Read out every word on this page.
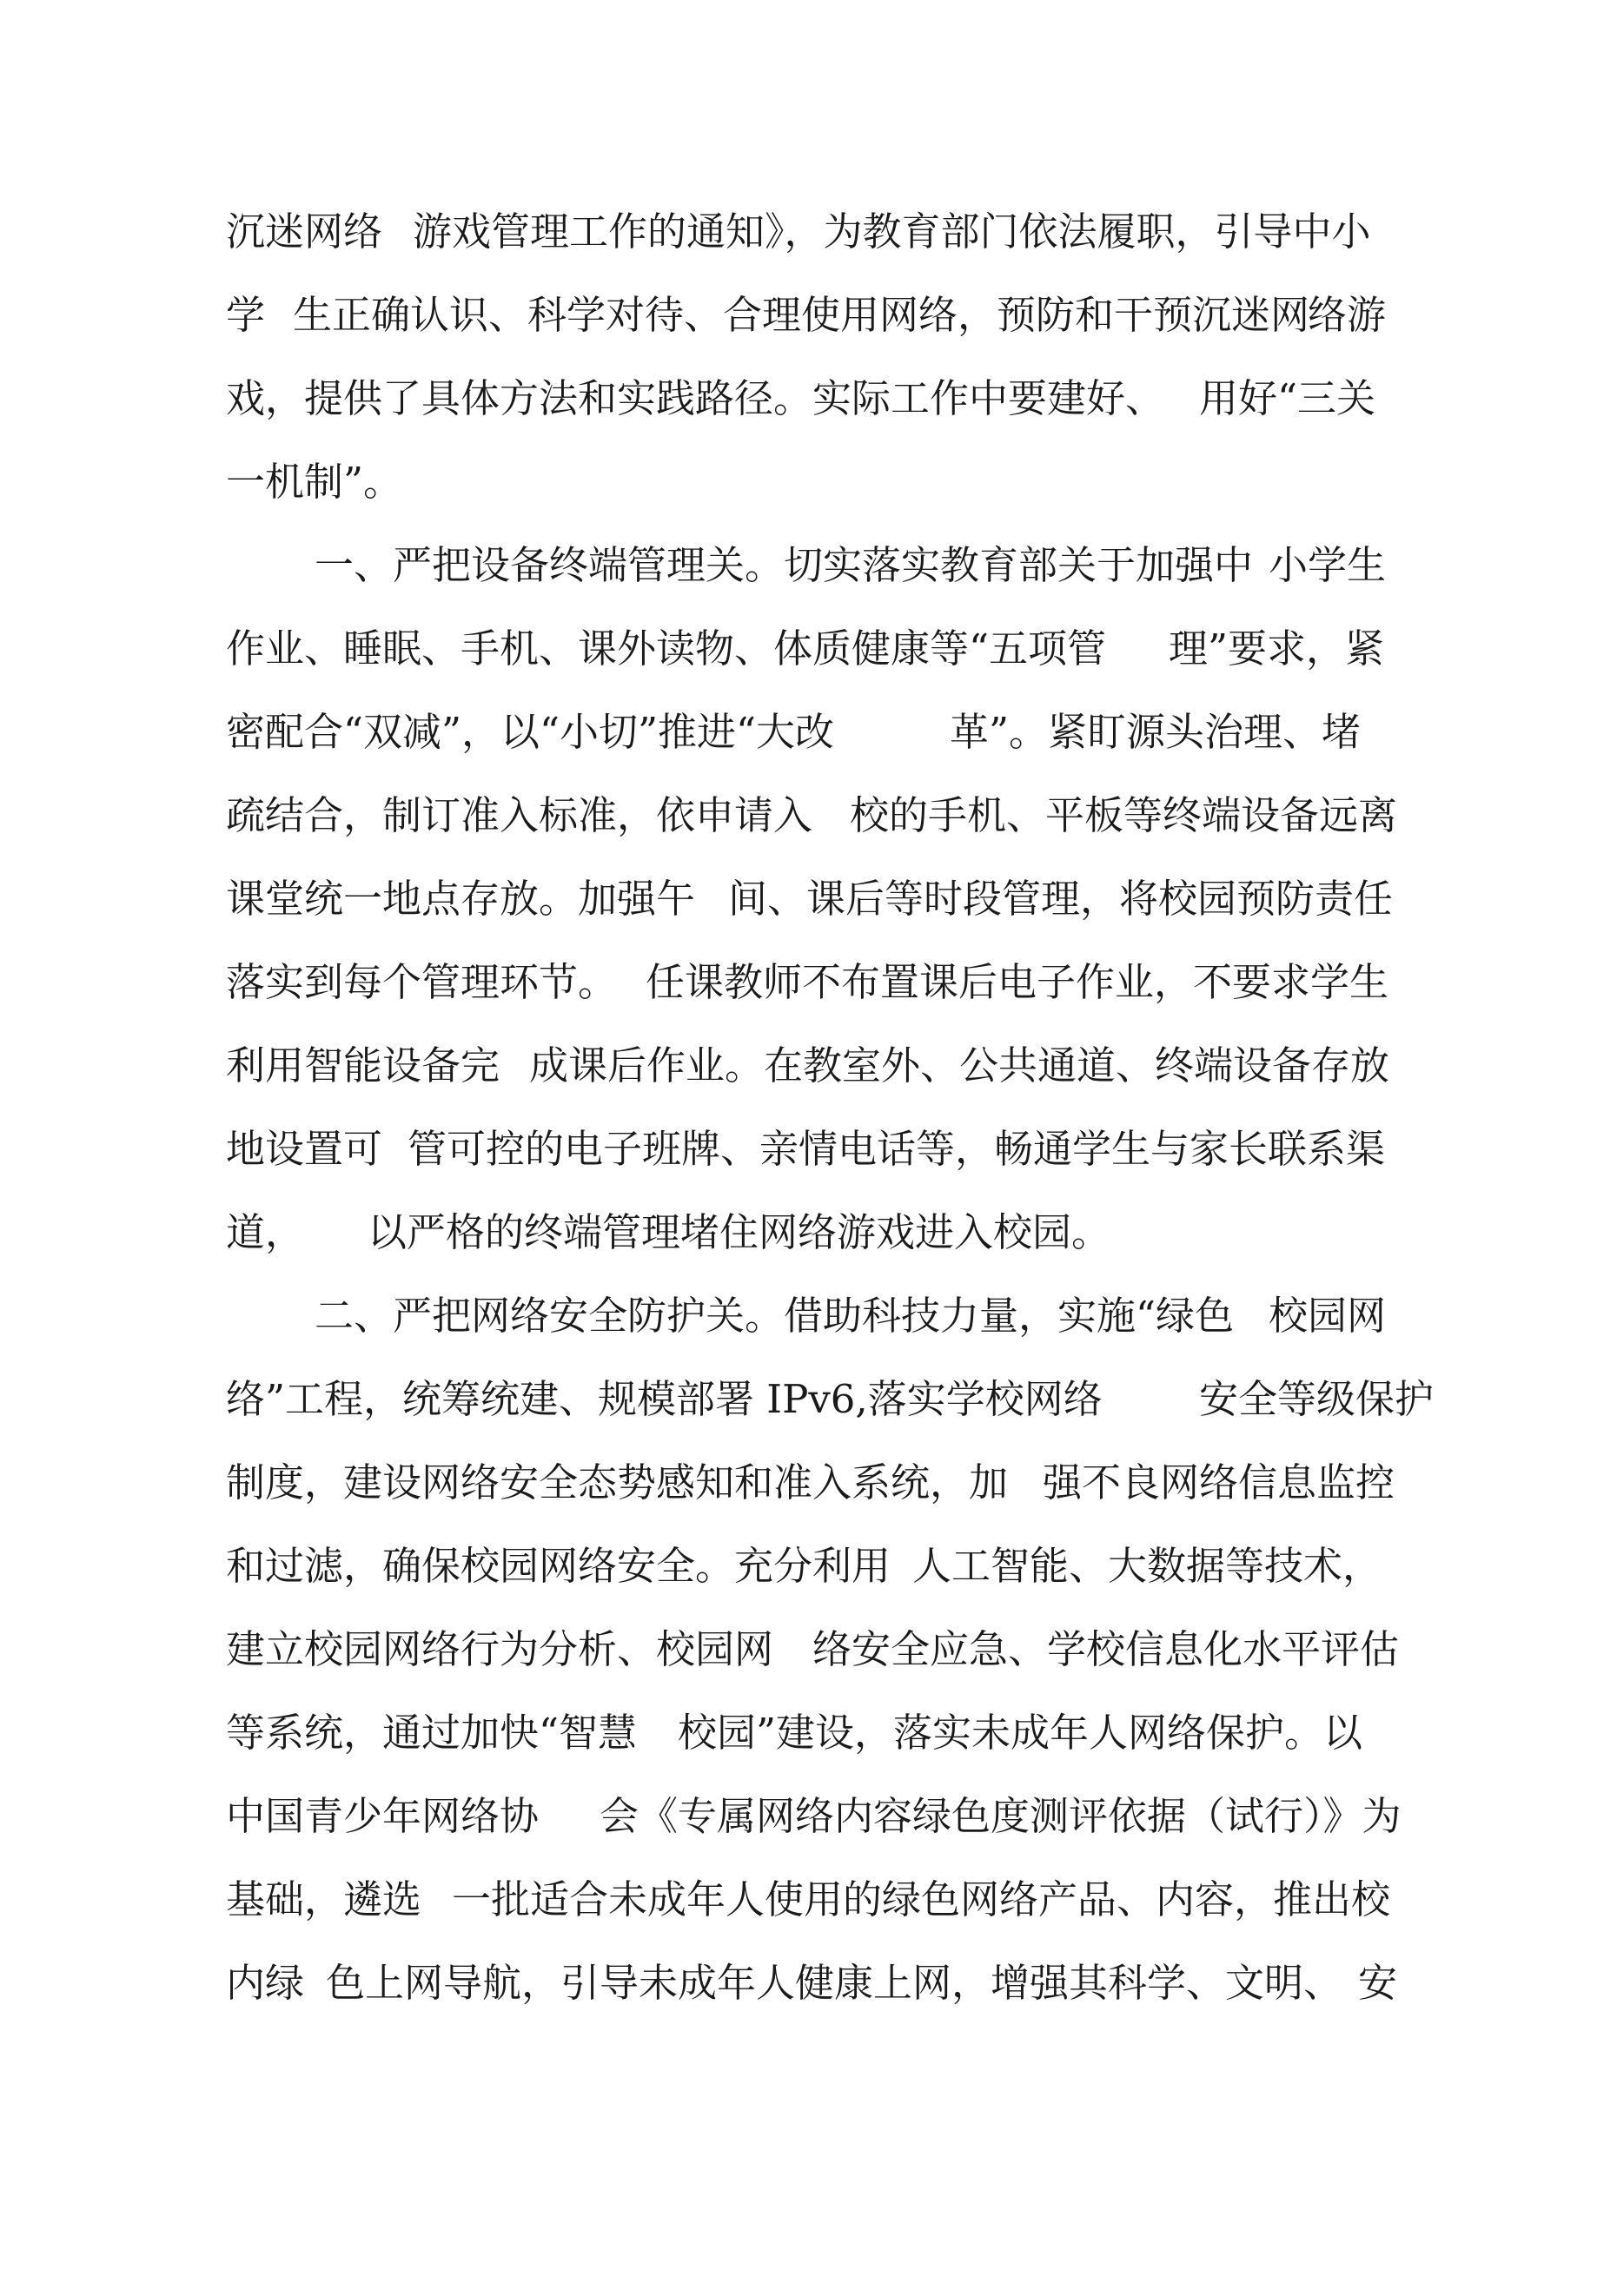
沉迷网络

游戏管理工作的通知》，为教育部门依法履职，引导中小

学

生正确认识、科学对待、合理使用网络，预防和干预沉迷网

络游

戏，提供了具体方法和实践路径。实际工作中要建好、

用好“三关

一机制”。

一、严把设备终端管理关。切实落实教育部关于加强中

小学生

作业、睡眠、手机、课外读物、体质健康等“五项管

理”要求，紧

密配合“双减”，以“小切”推进“大改

	革”。紧盯源头治理、堵

疏结合，制订准入标准，依申请入

校的手机、平板等终端设备远离

课堂统一地点存放。加强午

间、课后等时段管理，将校园预防责任

落实到每个管理环节。

任课教师不布置课后电子作业，不要求学生

利用智能设备完

成课后作业。在教室外、公共通道、终端设备存放

地设置可

管可控的电子班牌、亲情电话等，畅通学生与家长联系渠

道，

以严格的终端管理堵住网络游戏进入校园。

二、严把网络安全防护关。借助科技力量，实施“绿色

校园网

络”工程，统筹统建、规模部署 IPv6,落实学校网络

安全等级保护

制度，建设网络安全态势感知和准入系统，加

强不良网络信息监控

和过滤，确保校园网络安全。充分利用

人工智能、大数据等技术，

建立校园网络行为分析、校园网

络安全应急、学校信息化水平评估

等系统，通过加快“智慧

校园”建设，落实未成年人网络保护。以

中国青少年网络协

会《专属网络内容绿色度测评依据（试行）》为

基础，遴选

一批适合未成年人使用的绿色网络产品、内容，推出校

内绿

色上网导航，引导未成年人健康上网，增强其科学、文明、

安
